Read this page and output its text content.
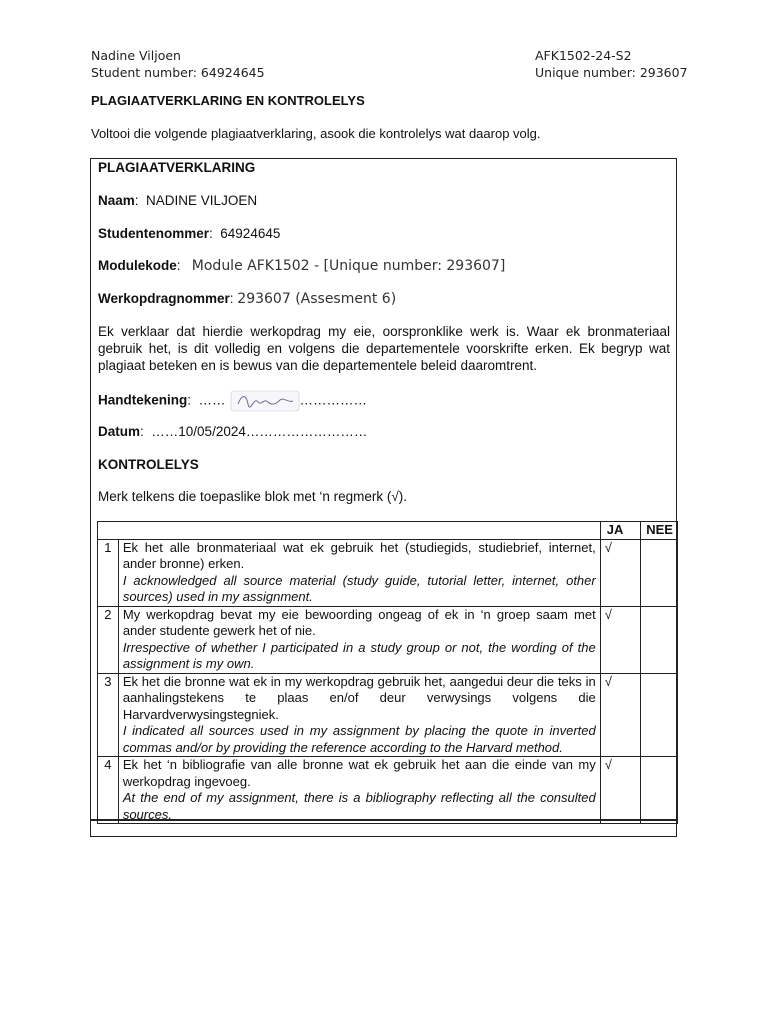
Nadine Viljoen
Student number: 64924645
AFK1502-24-S2
Unique number: 293607
PLAGIAATVERKLARING EN KONTROLELYS
Voltooi die volgende plagiaatverklaring, asook die kontrolelys wat daarop volg.
PLAGIAATVERKLARING
Naam:  NADINE VILJOEN
Studentenommer:  64924645
Modulekode:   Module AFK1502 - [Unique number: 293607]
Werkopdragnommer: 293607 (Assesment 6)
Ek verklaar dat hierdie werkopdrag my eie, oorspronklike werk is. Waar ek bronmateriaal gebruik het, is dit volledig en volgens die departementele voorskrifte erken. Ek begryp wat plagiaat beteken en is bewus van die departementele beleid daaromtrent.
Handtekening:  ……	……………
Datum:  ……10/05/2024………………………
KONTROLELYS
Merk telkens die toepaslike blok met ‘n regmerk (√).
		JA	NEE
1	Ek het alle bronmateriaal wat ek gebruik het (studiegids, studiebrief, internet, ander bronne) erken.
I acknowledged all source material (study guide, tutorial letter, internet, other sources) used in my assignment.	√	
2	My werkopdrag bevat my eie bewoording ongeag of ek in ‘n groep saam met ander studente gewerk het of nie.
Irrespective of whether I participated in a study group or not, the wording of the assignment is my own.	√	
3	Ek het die bronne wat ek in my werkopdrag gebruik het, aangedui deur die teks in aanhalingstekens te plaas en/of deur verwysings volgens die Harvardverwysingstegniek.
I indicated all sources used in my assignment by placing the quote in inverted commas and/or by providing the reference according to the Harvard method.	√	
4	Ek het ‘n bibliografie van alle bronne wat ek gebruik het aan die einde van my werkopdrag ingevoeg.
At the end of my assignment, there is a bibliography reflecting all the consulted sources.	√	
